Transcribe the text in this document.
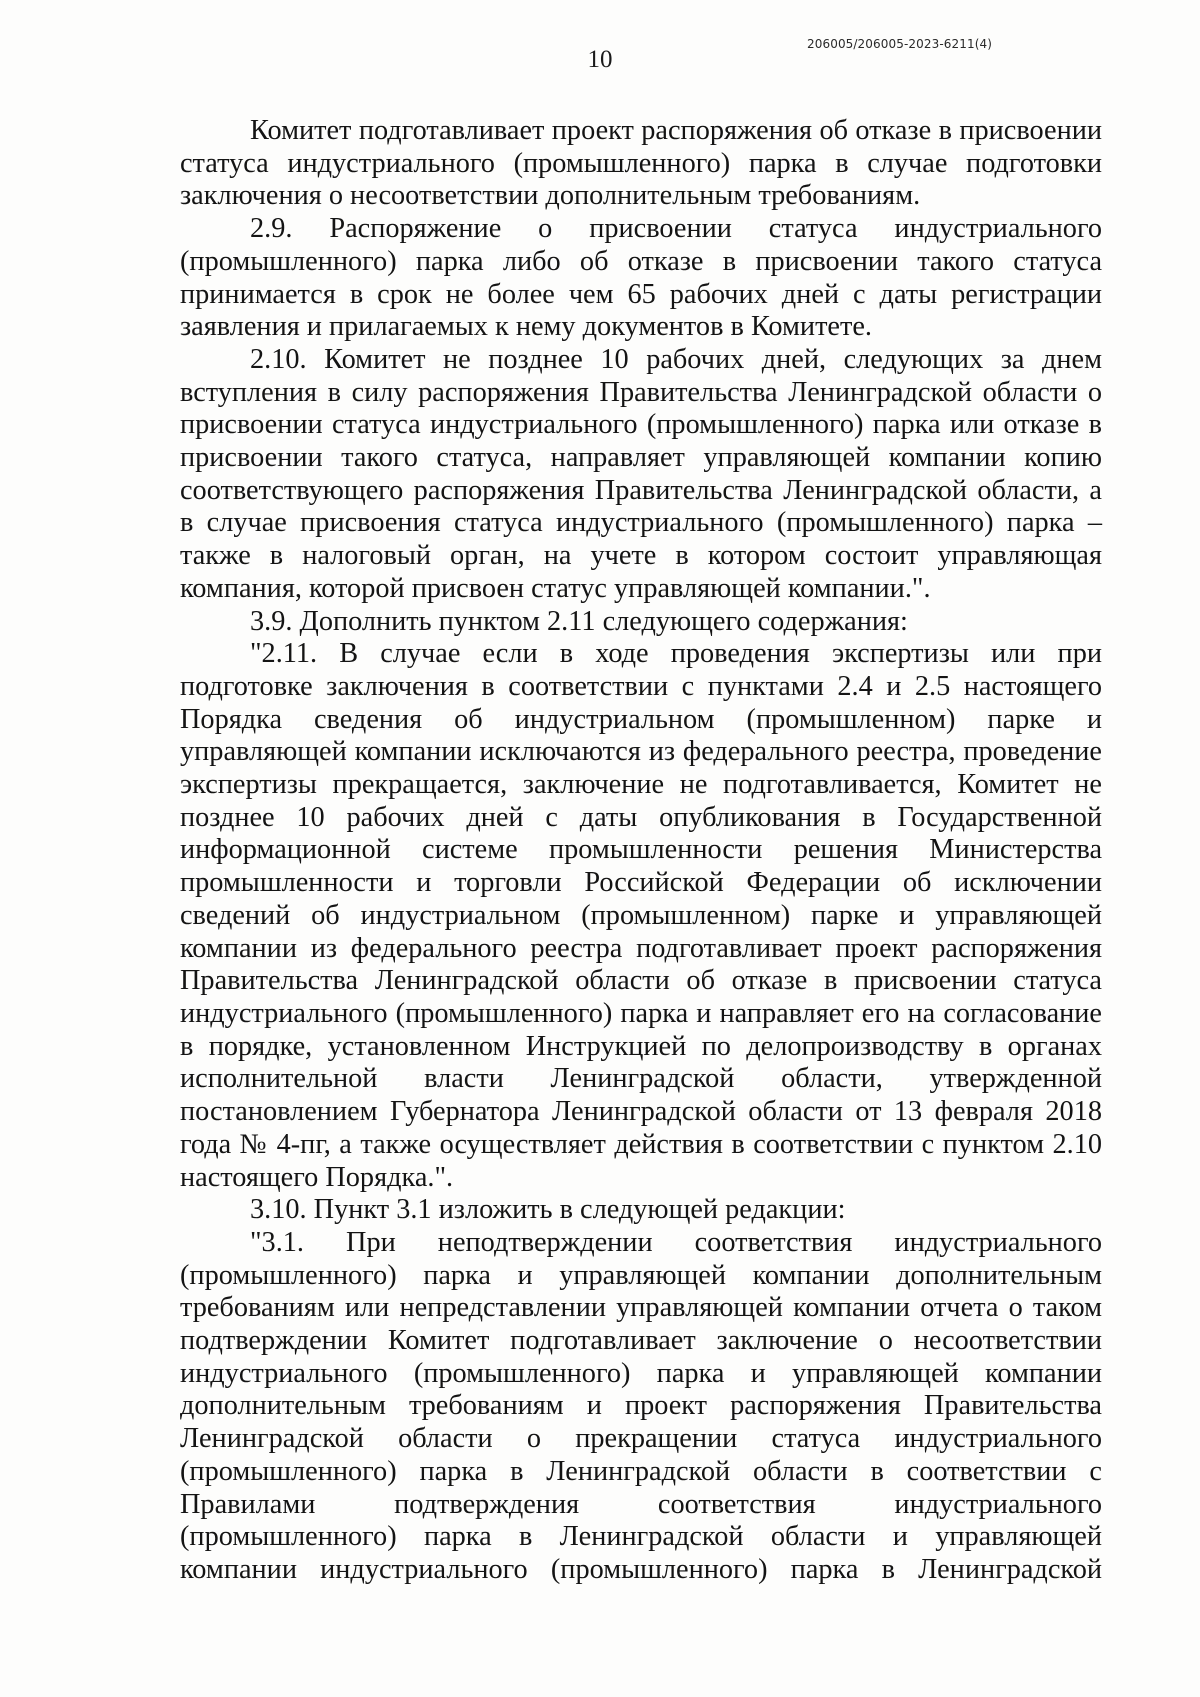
10
206005/206005-2023-6211(4)

Комитет подготавливает проект распоряжения об отказе в присвоении статуса индустриального (промышленного) парка в случае подготовки заключения о несоответствии дополнительным требованиям.

2.9. Распоряжение о присвоении статуса индустриального (промышленного) парка либо об отказе в присвоении такого статуса принимается в срок не более чем 65 рабочих дней с даты регистрации заявления и прилагаемых к нему документов в Комитете.

2.10. Комитет не позднее 10 рабочих дней, следующих за днем вступления в силу распоряжения Правительства Ленинградской области о присвоении статуса индустриального (промышленного) парка или отказе в присвоении такого статуса, направляет управляющей компании копию соответствующего распоряжения Правительства Ленинградской области, а в случае присвоения статуса индустриального (промышленного) парка – также в налоговый орган, на учете в котором состоит управляющая компания, которой присвоен статус управляющей компании.".

3.9. Дополнить пунктом 2.11 следующего содержания:

"2.11. В случае если в ходе проведения экспертизы или при подготовке заключения в соответствии с пунктами 2.4 и 2.5 настоящего Порядка сведения об индустриальном (промышленном) парке и управляющей компании исключаются из федерального реестра, проведение экспертизы прекращается, заключение не подготавливается, Комитет не позднее 10 рабочих дней с даты опубликования в Государственной информационной системе промышленности решения Министерства промышленности и торговли Российской Федерации об исключении сведений об индустриальном (промышленном) парке и управляющей компании из федерального реестра подготавливает проект распоряжения Правительства Ленинградской области об отказе в присвоении статуса индустриального (промышленного) парка и направляет его на согласование в порядке, установленном Инструкцией по делопроизводству в органах исполнительной власти Ленинградской области, утвержденной постановлением Губернатора Ленинградской области от 13 февраля 2018 года № 4-пг, а также осуществляет действия в соответствии с пунктом 2.10 настоящего Порядка.".

3.10. Пункт 3.1 изложить в следующей редакции:

"3.1. При неподтверждении соответствия индустриального (промышленного) парка и управляющей компании дополнительным требованиям или непредставлении управляющей компании отчета о таком подтверждении Комитет подготавливает заключение о несоответствии индустриального (промышленного) парка и управляющей компании дополнительным требованиям и проект распоряжения Правительства Ленинградской области о прекращении статуса индустриального (промышленного) парка в Ленинградской области в соответствии с Правилами подтверждения соответствия индустриального (промышленного) парка в Ленинградской области и управляющей компании индустриального (промышленного) парка в Ленинградской
